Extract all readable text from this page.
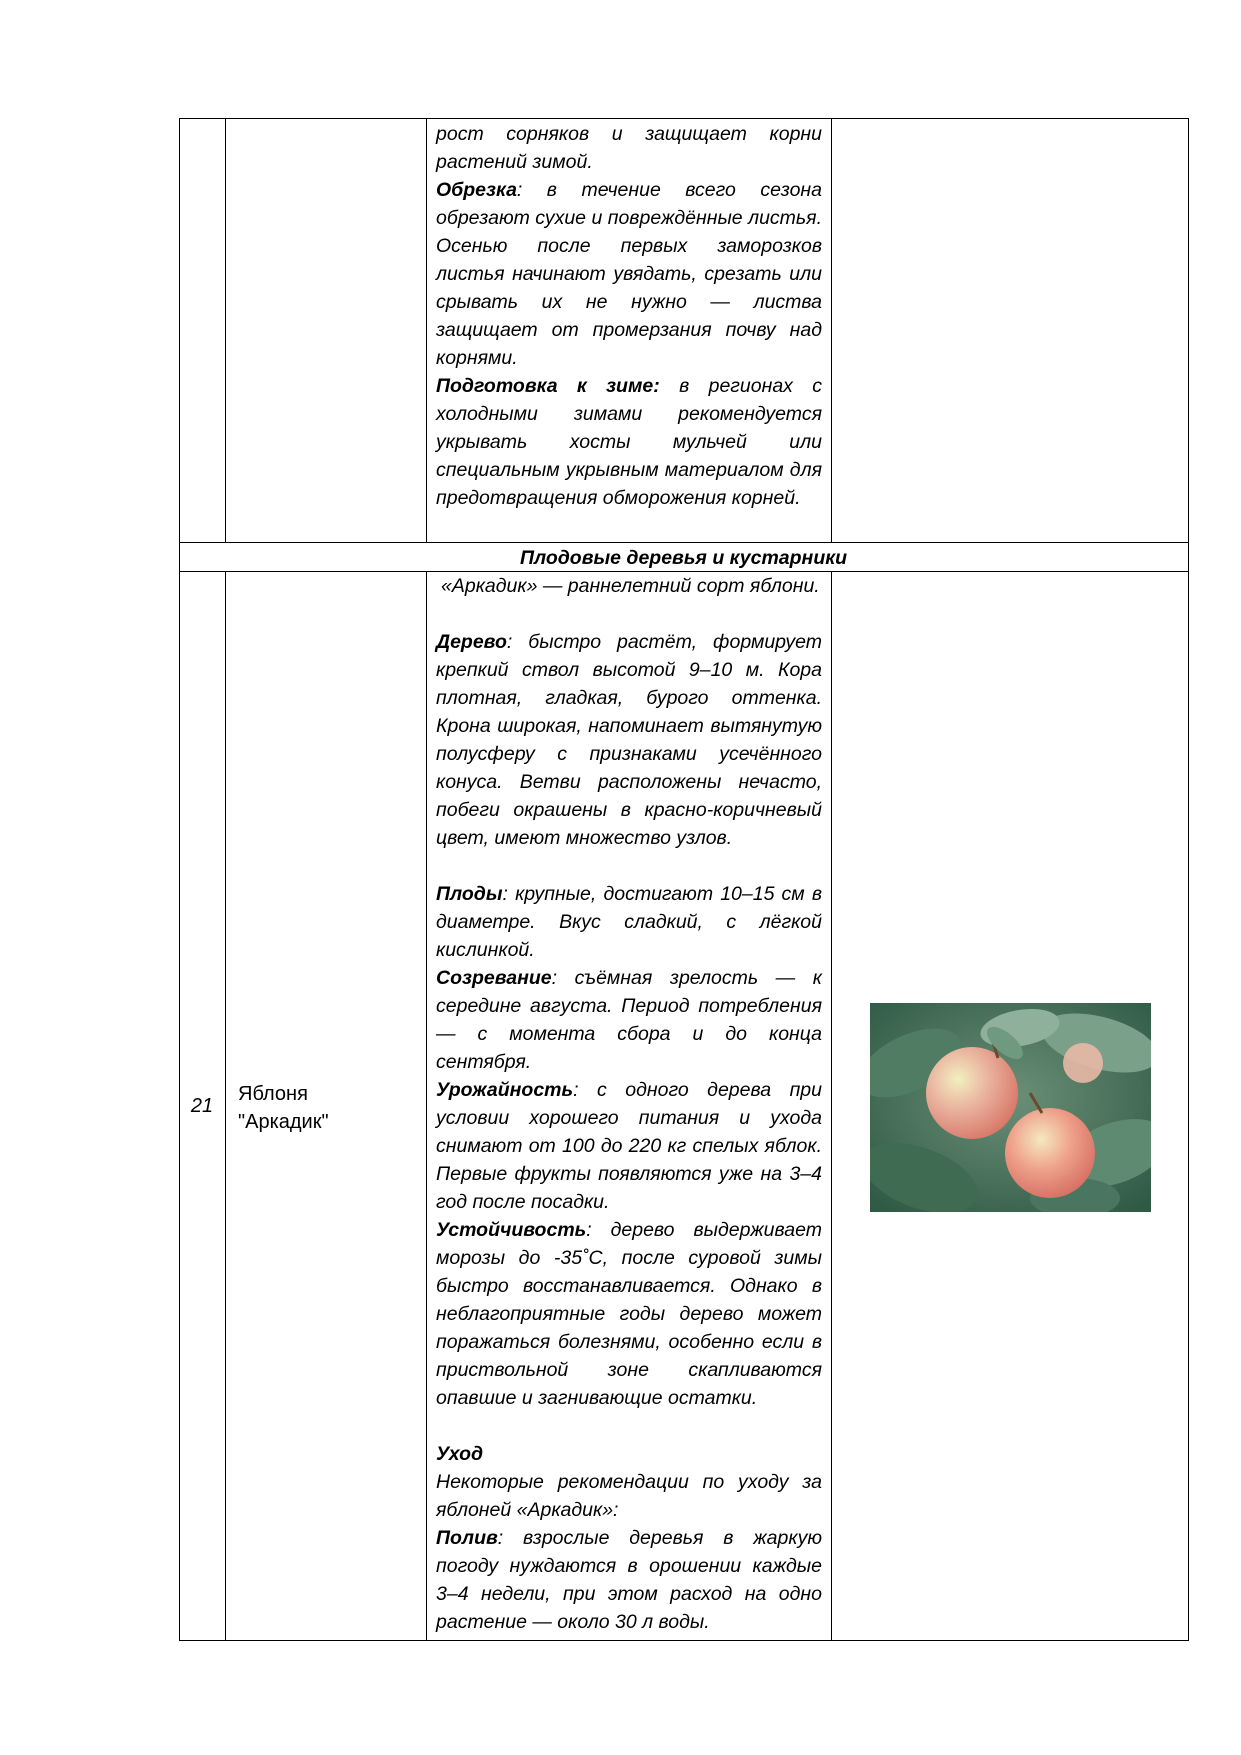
рост сорняков и защищает корни растений зимой.
Обрезка: в течение всего сезона обрезают сухие и повреждённые листья. Осенью после первых заморозков листья начинают увядать, срезать или срывать их не нужно — листва защищает от промерзания почву над корнями.
Подготовка к зиме: в регионах с холодными зимами рекомендуется укрывать хосты мульчей или специальным укрывным материалом для предотвращения обморожения корней.
Плодовые деревья и кустарники
21
Яблоня
"Аркадик"
«Аркадик» — раннелетний сорт яблони.
Дерево: быстро растёт, формирует крепкий ствол высотой 9–10 м. Кора плотная, гладкая, бурого оттенка. Крона широкая, напоминает вытянутую полусферу с признаками усечённого конуса. Ветви расположены нечасто, побеги окрашены в красно-коричневый цвет, имеют множество узлов.
Плоды: крупные, достигают 10–15 см в диаметре. Вкус сладкий, с лёгкой кислинкой.
Созревание: съёмная зрелость — к середине августа. Период потребления — с момента сбора и до конца сентября.
Урожайность: с одного дерева при условии хорошего питания и ухода снимают от 100 до 220 кг спелых яблок. Первые фрукты появляются уже на 3–4 год после посадки.
Устойчивость: дерево выдерживает морозы до -35˚С, после суровой зимы быстро восстанавливается. Однако в неблагоприятные годы дерево может поражаться болезнями, особенно если в приствольной зоне скапливаются опавшие и загнивающие остатки.
Уход
Некоторые рекомендации по уходу за яблоней «Аркадик»:
Полив: взрослые деревья в жаркую погоду нуждаются в орошении каждые 3–4 недели, при этом расход на одно растение — около 30 л воды.
